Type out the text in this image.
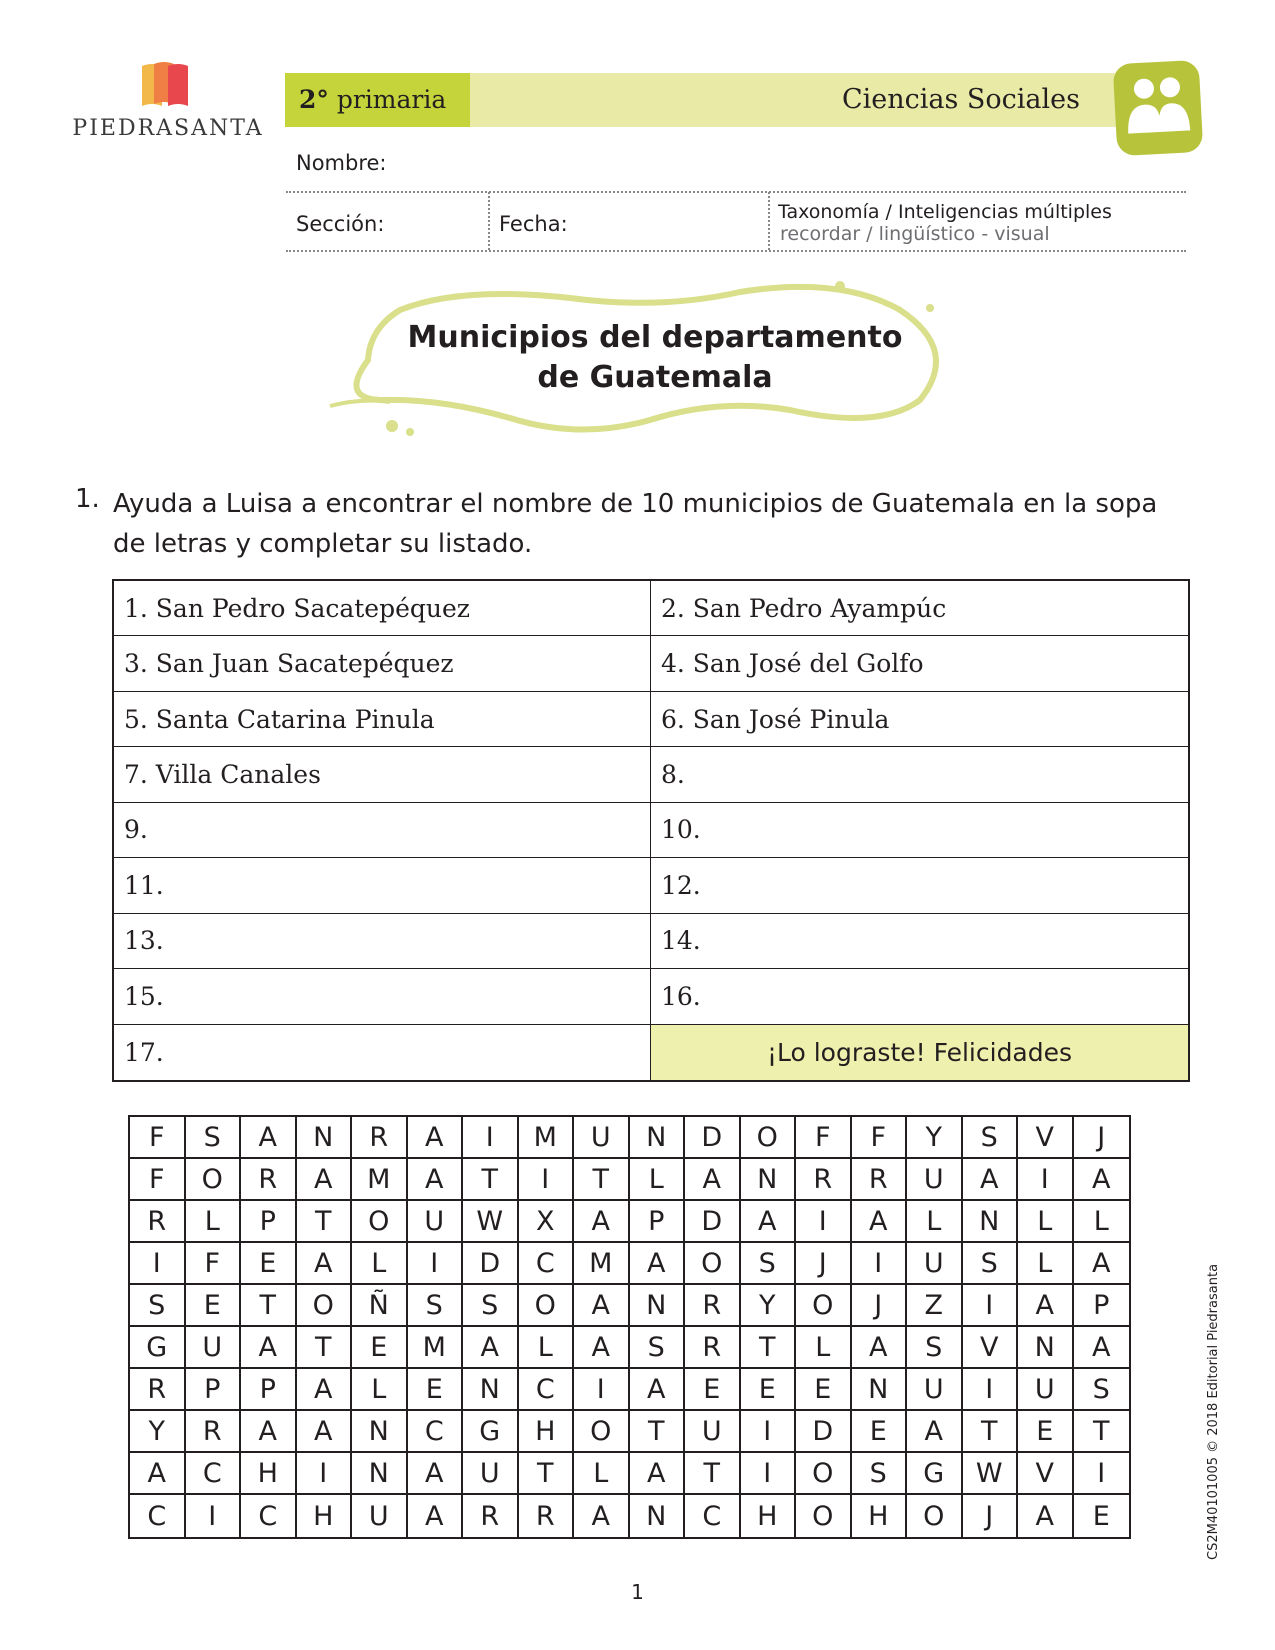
PIEDRASANTA
2° primaria	Ciencias Sociales
Nombre:
Sección:	Fecha:	Taxonomía / Inteligencias múltiples
recordar / lingüístico - visual
Municipios del departamento
de Guatemala
1. Ayuda a Luisa a encontrar el nombre de 10 municipios de Guatemala en la sopa de letras y completar su listado.
1. San Pedro Sacatepéquez	2. San Pedro Ayampúc
3. San Juan Sacatepéquez	4. San José del Golfo
5. Santa Catarina Pinula	6. San José Pinula
7. Villa Canales	8.
9.	10.
11.	12.
13.	14.
15.	16.
17.	¡Lo lograste! Felicidades
F	S	A	N	R	A	I	M	U	N	D	O	F	F	Y	S	V	J
F	O	R	A	M	A	T	I	T	L	A	N	R	R	U	A	I	A
R	L	P	T	O	U	W	X	A	P	D	A	I	A	L	N	L	L
I	F	E	A	L	I	D	C	M	A	O	S	J	I	U	S	L	A
S	E	T	O	Ñ	S	S	O	A	N	R	Y	O	J	Z	I	A	P
G	U	A	T	E	M	A	L	A	S	R	T	L	A	S	V	N	A
R	P	P	A	L	E	N	C	I	A	E	E	E	N	U	I	U	S
Y	R	A	A	N	C	G	H	O	T	U	I	D	E	A	T	E	T
A	C	H	I	N	A	U	T	L	A	T	I	O	S	G	W	V	I
C	I	C	H	U	A	R	R	A	N	C	H	O	H	O	J	A	E
1
CS2M40101005 © 2018 Editorial Piedrasanta
